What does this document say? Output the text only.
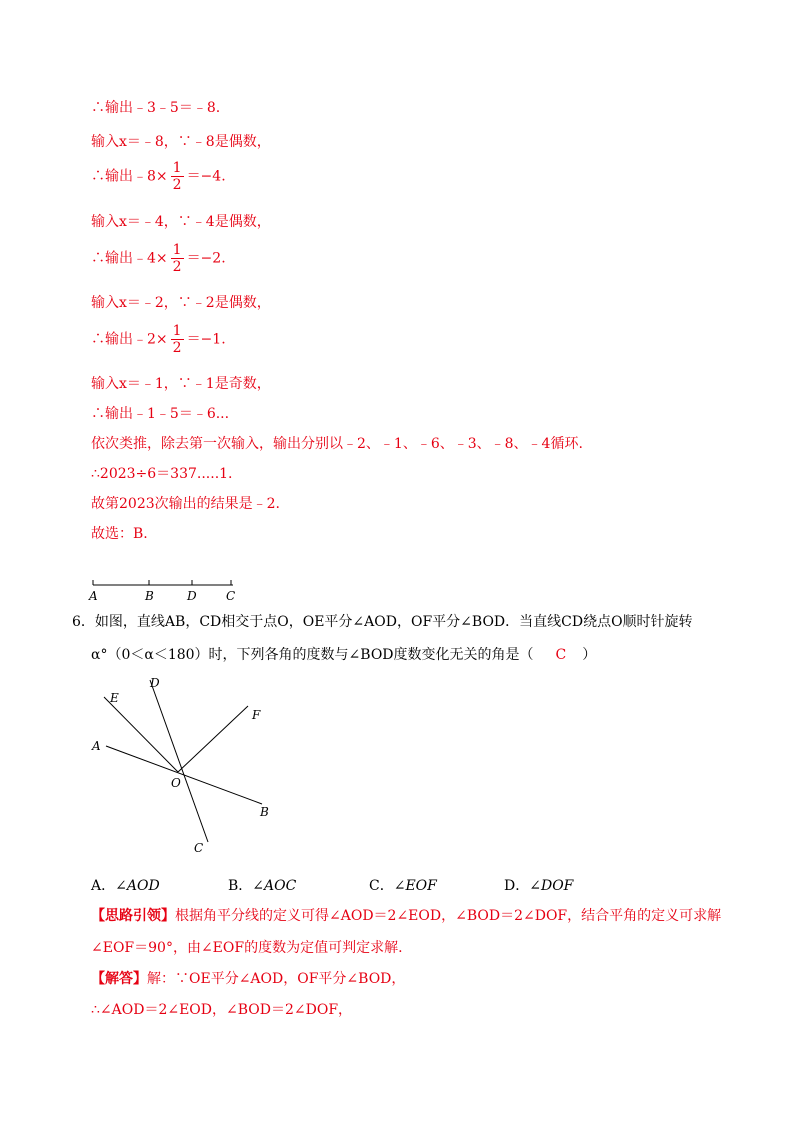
∴输出﹣3﹣5＝﹣8.
输入x＝﹣8，∵﹣8是偶数，
∴输出﹣8× $\frac{1}{2} =-4$.
输入x＝﹣4，∵﹣4是偶数，
∴输出﹣4× $\frac{1}{2} =-2$.
输入x＝﹣2，∵﹣2是偶数，
∴输出﹣2× $\frac{1}{2} =-1$.
输入x＝﹣1，∵﹣1是奇数，
∴输出﹣1﹣5＝﹣6...
依次类推，除去第一次输入，输出分别以﹣2、﹣1、﹣6、﹣3、﹣8、﹣4循环.
∴2023÷6＝337.....1.
故第2023次输出的结果是﹣2.
故选：B.
A	B	D C
6．如图，直线AB，CD相交于点O，OE平分∠AOD，OF平分∠BOD．当直线CD绕点O顺时针旋转
α°（0＜α＜180）时，下列各角的度数与∠BOD度数变化无关的角是（ C ）
E
D
F
A
O
B
C
A．∠AOD	B．∠AOC	C．∠EOF	D．∠DOF
【思路引领】根据角平分线的定义可得∠AOD＝2∠EOD，∠BOD＝2∠DOF，结合平角的定义可求解
∠EOF＝90°，由∠EOF的度数为定值可判定求解.
【解答】解：∵OE平分∠AOD，OF平分∠BOD，
∴∠AOD＝2∠EOD，∠BOD＝2∠DOF，
